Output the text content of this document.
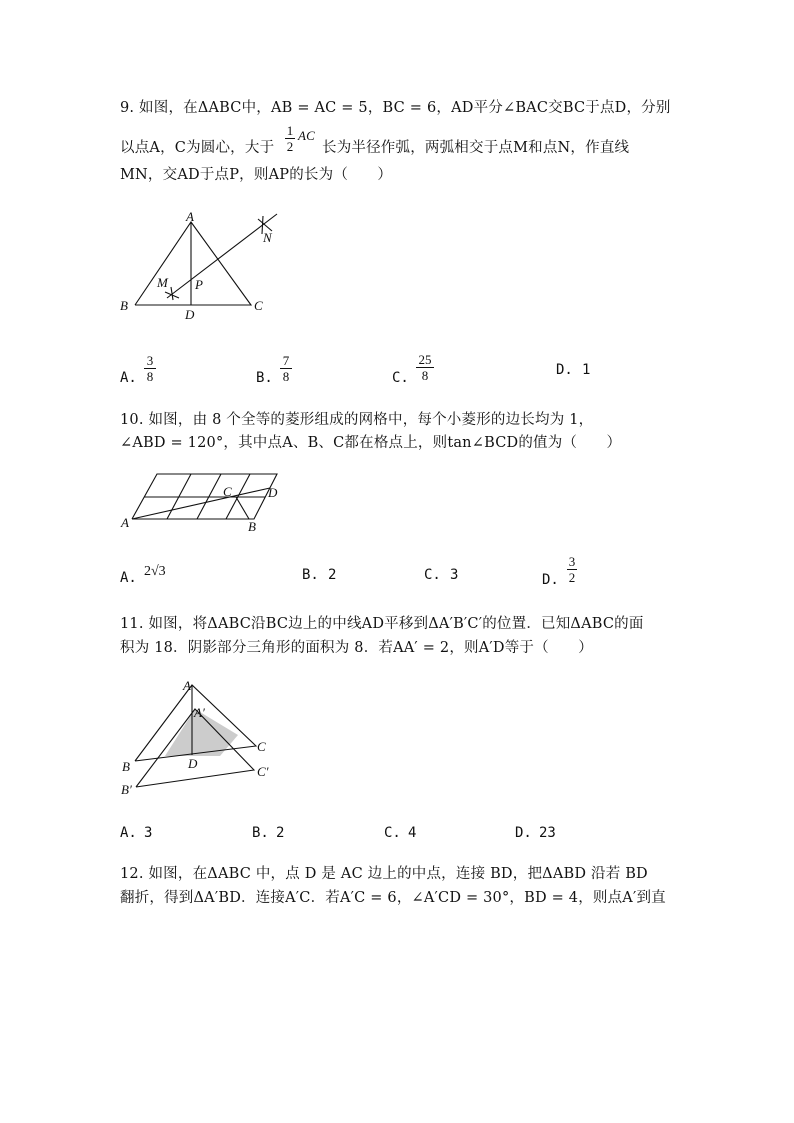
9. 如图，在ΔABC中，AB = AC = 5，BC = 6，AD平分∠BAC交BC于点D，分别
以点A，C为圆心，大于
1
2
AC
长为半径作弧，两弧相交于点M和点N，作直线
MN，交AD于点P，则AP的长为（　　）
A
B	C
D
M
N
P
A.
3
8	B.
7
8	C.
25
8	D. 1
10. 如图，由 8 个全等的菱形组成的网格中，每个小菱形的边长均为 1，
∠ABD = 120°，其中点A、B、C都在格点上，则tan∠BCD的值为（　　）
A	B
C	D
A. 2√3	B. 2	C. 3	D.
3
2
11. 如图，将ΔABC沿BC边上的中线AD平移到ΔA′B′C′的位置．已知ΔABC的面
积为 18．阴影部分三角形的面积为 8．若AA′ = 2，则A′D等于（　　）
A
A′
B
B′
C
C′
D
A. 3	B. 2	C. 4	D. 23
12. 如图，在ΔABC 中，点 D 是 AC 边上的中点，连接 BD，把ΔABD 沿若 BD
翻折，得到ΔA′BD．连接A′C．若A′C = 6，∠A′CD = 30°，BD = 4，则点A′到直
